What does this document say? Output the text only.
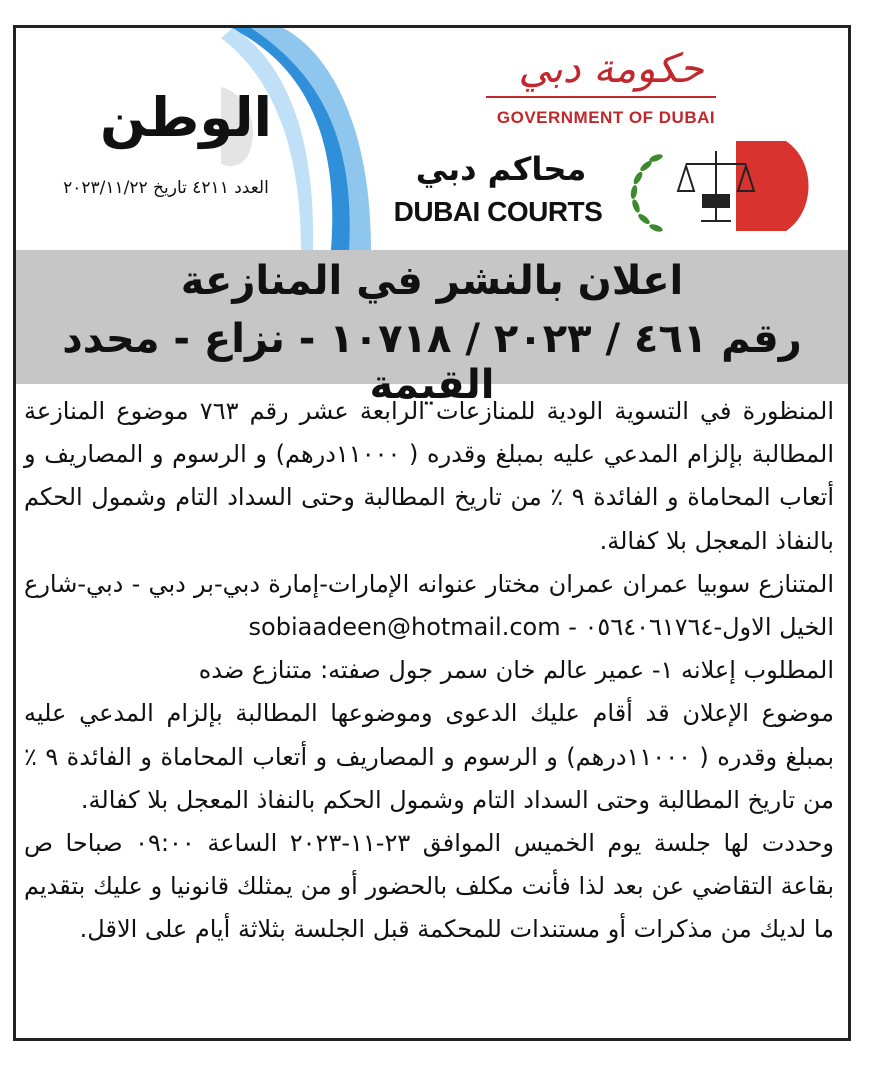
الوطن
العدد ٤٢١١ تاريخ ٢٠٢٣/١١/٢٢
حكومة دبي
GOVERNMENT OF DUBAI
محاكم دبي
DUBAI COURTS
اعلان بالنشر في المنازعة
رقم ٤٦١ / ٢٠٢٣ / ١٠٧١٨ - نزاع - محدد القيمة

المنظورة في التسوية الودية للمنازعات الرابعة عشر رقم ٧٦٣ موضوع المنازعة المطالبة بإلزام المدعي عليه بمبلغ وقدره ( ١١٠٠٠درهم) و الرسوم و المصاريف و أتعاب المحاماة و الفائدة ٩ ٪ من تاريخ المطالبة وحتى السداد التام وشمول الحكم بالنفاذ المعجل بلا كفالة.

المتنازع سوبيا عمران عمران مختار عنوانه الإمارات-إمارة دبي-بر دبي - دبي-شارع الخيل الاول-٠٥٦٤٠٦١٧٦٤ - sobiaadeen@hotmail.com

المطلوب إعلانه ١- عمير عالم خان سمر جول صفته: متنازع ضده

موضوع الإعلان قد أقام عليك الدعوى وموضوعها المطالبة بإلزام المدعي عليه بمبلغ وقدره ( ١١٠٠٠درهم) و الرسوم و المصاريف و أتعاب المحاماة و الفائدة ٩ ٪ من تاريخ المطالبة وحتى السداد التام وشمول الحكم بالنفاذ المعجل بلا كفالة.

وحددت لها جلسة يوم الخميس الموافق ٢٣-١١-٢٠٢٣ الساعة ٠٩:٠٠ صباحا ص بقاعة التقاضي عن بعد لذا فأنت مكلف بالحضور أو من يمثلك قانونيا و عليك بتقديم ما لديك من مذكرات أو مستندات للمحكمة قبل الجلسة بثلاثة أيام على الاقل.
